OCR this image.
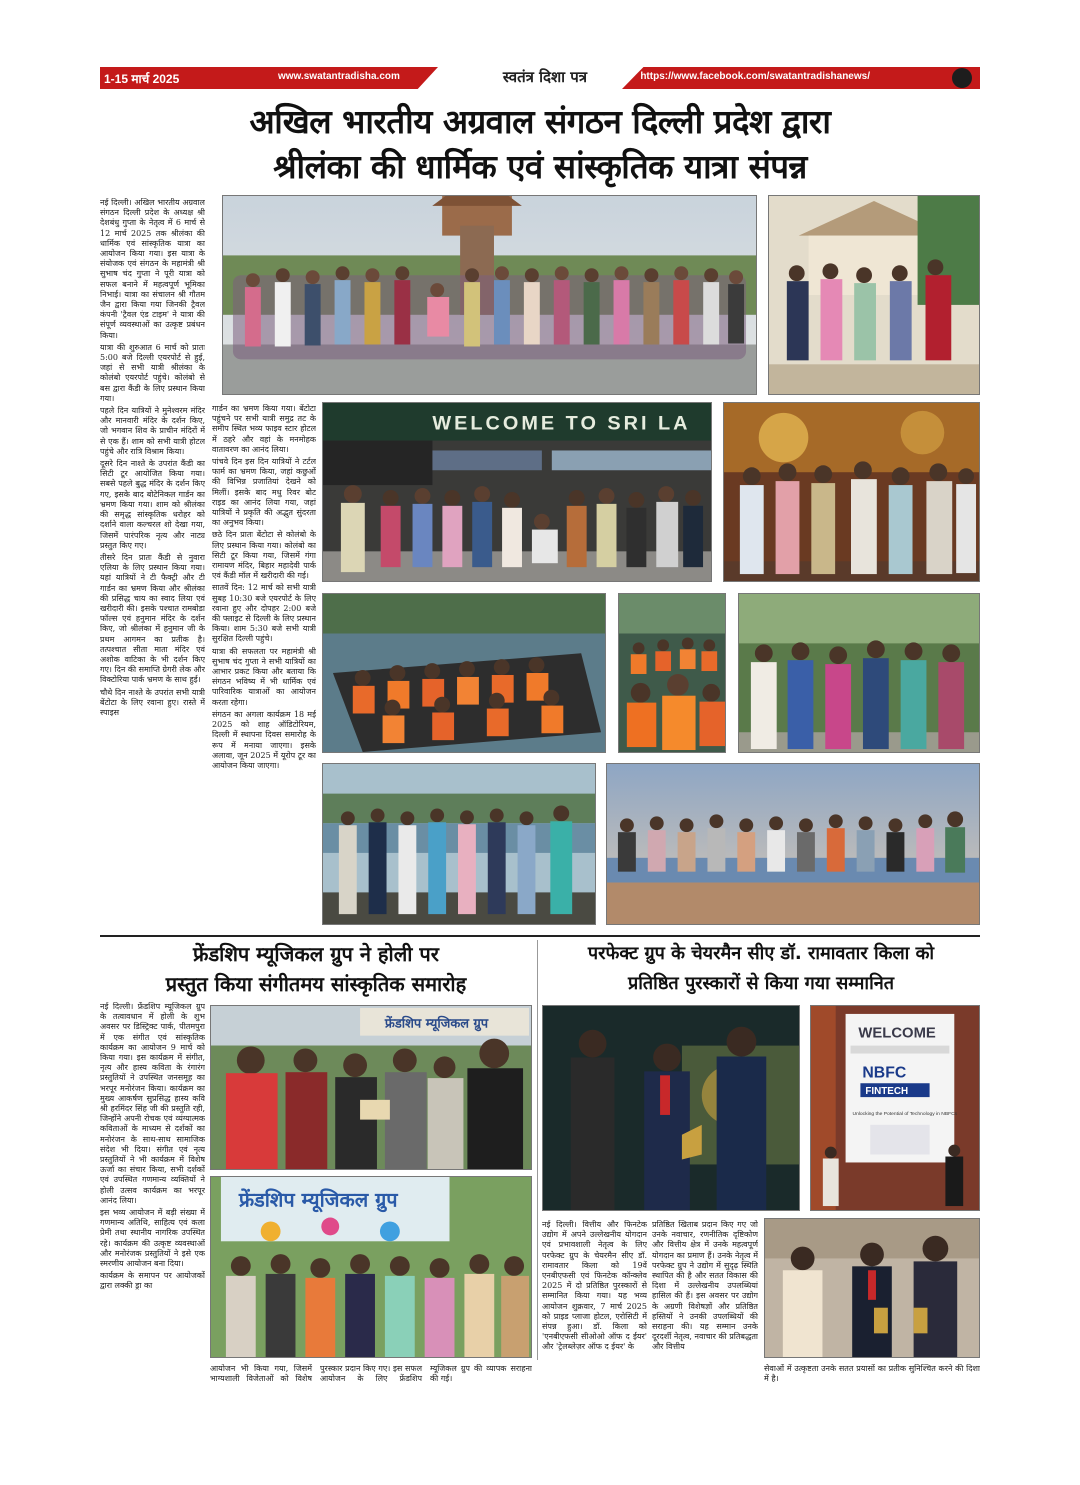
1-15 मार्च 2025	www.swatantradisha.com	स्वतंत्र दिशा पत्र	https://www.facebook.com/swatantradishanews/
अखिल भारतीय अग्रवाल संगठन दिल्ली प्रदेश द्वारा
श्रीलंका की धार्मिक एवं सांस्कृतिक यात्रा संपन्न

नई दिल्ली। अखिल भारतीय अग्रवाल संगठन दिल्ली प्रदेश के अध्यक्ष श्री देशबंधु गुप्ता के नेतृत्व में 6 मार्च से 12 मार्च 2025 तक श्रीलंका की धार्मिक एवं सांस्कृतिक यात्रा का आयोजन किया गया। इस यात्रा के संयोजक एवं संगठन के महामंत्री श्री सुभाष चंद गुप्ता ने पूरी यात्रा को सफल बनाने में महत्वपूर्ण भूमिका निभाई। यात्रा का संचालन श्री गौतम जैन द्वारा किया गया जिनकी ट्रैवल कंपनी 'ट्रैवल एंड टाइम' ने यात्रा की संपूर्ण व्यवस्थाओं का उत्कृष्ट प्रबंधन किया।

यात्रा की शुरुआत 6 मार्च को प्रातः 5:00 बजे दिल्ली एयरपोर्ट से हुई, जहां से सभी यात्री श्रीलंका के कोलंबो एयरपोर्ट पहुंचे। कोलंबो से बस द्वारा कैंडी के लिए प्रस्थान किया गया।

पहले दिन यात्रियों ने मुनेश्वरम मंदिर और मानवारी मंदिर के दर्शन किए, जो भगवान शिव के प्राचीन मंदिरों में से एक हैं। शाम को सभी यात्री होटल पहुंचे और रात्रि विश्राम किया।

दूसरे दिन नाश्ते के उपरांत कैंडी का सिटी टूर आयोजित किया गया। सबसे पहले बुद्ध मंदिर के दर्शन किए गए, इसके बाद बोटेनिकल गार्डन का भ्रमण किया गया। शाम को श्रीलंका की समृद्ध सांस्कृतिक धरोहर को दर्शाने वाला कल्चरल शो देखा गया, जिसमें पारंपरिक नृत्य और नाट्य प्रस्तुत किए गए।

तीसरे दिन प्रातः कैंडी से नुवारा एलिया के लिए प्रस्थान किया गया। यहां यात्रियों ने टी फैक्ट्री और टी गार्डन का भ्रमण किया और श्रीलंका की प्रसिद्ध चाय का स्वाद लिया एवं खरीदारी की। इसके पश्चात रामबोडा फॉल्स एवं हनुमान मंदिर के दर्शन किए, जो श्रीलंका में हनुमान जी के प्रथम आगमन का प्रतीक है। तत्पश्चात सीता माता मंदिर एवं अशोक वाटिका के भी दर्शन किए गए। दिन की समाप्ति ग्रेगरी लेक और विक्टोरिया पार्क भ्रमण के साथ हुई।

चौथे दिन नाश्ते के उपरांत सभी यात्री बेंटोटा के लिए रवाना हुए। रास्ते में स्पाइस

गार्डन का भ्रमण किया गया। बेंटोटा पहुंचने पर सभी यात्री समुद्र तट के समीप स्थित भव्य फाइव स्टार होटल में ठहरे और वहां के मनमोहक वातावरण का आनंद लिया।

पांचवे दिन इस दिन यात्रियों ने टर्टल फार्म का भ्रमण किया, जहां कछुओं की विभिन्न प्रजातियां देखने को मिलीं। इसके बाद मधु रिवर बोट राइड का आनंद लिया गया, जहां यात्रियों ने प्रकृति की अद्भुत सुंदरता का अनुभव किया।

छठे दिन प्रातः बेंटोटा से कोलंबो के लिए प्रस्थान किया गया। कोलंबो का सिटी टूर किया गया, जिसमें गंगा रामायण मंदिर, बिहार महादेवी पार्क एवं कैंडी मॉल में खरीदारी की गई।

सातवें दिन: 12 मार्च को सभी यात्री सुबह 10:30 बजे एयरपोर्ट के लिए रवाना हुए और दोपहर 2:00 बजे की फ्लाइट से दिल्ली के लिए प्रस्थान किया। शाम 5:30 बजे सभी यात्री सुरक्षित दिल्ली पहुंचे।

यात्रा की सफलता पर महामंत्री श्री सुभाष चंद गुप्ता ने सभी यात्रियों का आभार प्रकट किया और बताया कि संगठन भविष्य में भी धार्मिक एवं पारिवारिक यात्राओं का आयोजन करता रहेगा।

संगठन का अगला कार्यक्रम 18 मई 2025 को शाह ऑडिटोरियम, दिल्ली में स्थापना दिवस समारोह के रूप में मनाया जाएगा। इसके अलावा, जून 2025 में यूरोप टूर का आयोजन किया जाएगा।

WELCOME TO SRI LA
फ्रेंडशिप म्यूजिकल ग्रुप ने होली पर
प्रस्तुत किया संगीतमय सांस्कृतिक समारोह
परफेक्ट ग्रुप के चेयरमैन सीए डॉ. रामावतार किला को
प्रतिष्ठित पुरस्कारों से किया गया सम्मानित

नई दिल्ली। फ्रेंडशिप म्यूजिकल ग्रुप के तत्वावधान में होली के शुभ अवसर पर डिस्ट्रिक्ट पार्क, पीतमपुरा में एक संगीत एवं सांस्कृतिक कार्यक्रम का आयोजन 9 मार्च को किया गया। इस कार्यक्रम में संगीत, नृत्य और हास्य कविता के रंगारंग प्रस्तुतियों ने उपस्थित जनसमूह का भरपूर मनोरंजन किया। कार्यक्रम का मुख्य आकर्षण सुप्रसिद्ध हास्य कवि श्री हरमिंदर सिंह जी की प्रस्तुति रही, जिन्होंने अपनी रोचक एवं व्यंग्यात्मक कविताओं के माध्यम से दर्शकों का मनोरंजन के साथ-साथ सामाजिक संदेश भी दिया। संगीत एवं नृत्य प्रस्तुतियों ने भी कार्यक्रम में विशेष ऊर्जा का संचार किया, सभी दर्शकों एवं उपस्थित गणमान्य व्यक्तियों ने होली उत्सव कार्यक्रम का भरपूर आनंद लिया।

इस भव्य आयोजन में बड़ी संख्या में गणमान्य अतिथि, साहित्य एवं कला प्रेमी तथा स्थानीय नागरिक उपस्थित रहे। कार्यक्रम की उत्कृष्ट व्यवस्थाओं और मनोरंजक प्रस्तुतियों ने इसे एक स्मरणीय आयोजन बना दिया।

कार्यक्रम के समापन पर आयोजकों द्वारा लक्की ड्रा का

फ्रेंडशिप म्यूजिकल ग्रुप
फ्रेंडशिप म्यूजिकल ग्रुप
आयोजन भी किया गया, जिसमें भाग्यशाली विजेताओं को विशेष पुरस्कार प्रदान किए गए। इस सफल आयोजन के लिए फ्रेंडशिप म्यूजिकल ग्रुप की व्यापक सराहना की गई।
WELCOME
NBFC
FINTECH
Unlocking the Potential of Technology in NBFCs
नई दिल्ली। वित्तीय और फिनटेक उद्योग में अपने उल्लेखनीय योगदान एवं प्रभावशाली नेतृत्व के लिए परफेक्ट ग्रुप के चेयरमैन सीए डॉ. रामावतार किला को 19वें एनबीएफसी एवं फिनटेक कॉन्क्लेव 2025 में दो प्रतिष्ठित पुरस्कारों से सम्मानित किया गया। यह भव्य आयोजन शुक्रवार, 7 मार्च 2025 को प्राइड प्लाजा होटल, एरोसिटी में संपन्न हुआ। डॉ. किला को 'एनबीएफसी सीओओ ऑफ द ईयर' और 'ट्रेलब्लेज़र ऑफ द ईयर' के
प्रतिष्ठित खिताब प्रदान किए गए जो उनके नवाचार, रणनीतिक दृष्टिकोण और वित्तीय क्षेत्र में उनके महत्वपूर्ण योगदान का प्रमाण हैं। उनके नेतृत्व में परफेक्ट ग्रुप ने उद्योग में सुदृढ़ स्थिति स्थापित की है और सतत विकास की दिशा में उल्लेखनीय उपलब्धियां हासिल की हैं। इस अवसर पर उद्योग के अग्रणी विशेषज्ञों और प्रतिष्ठित हस्तियों ने उनकी उपलब्धियों की सराहना की। यह सम्मान उनके दूरदर्शी नेतृत्व, नवाचार की प्रतिबद्धता और वित्तीय
सेवाओं में उत्कृष्टता उनके सतत प्रयासों का प्रतीक सुनिश्चित करने की दिशा में है।
